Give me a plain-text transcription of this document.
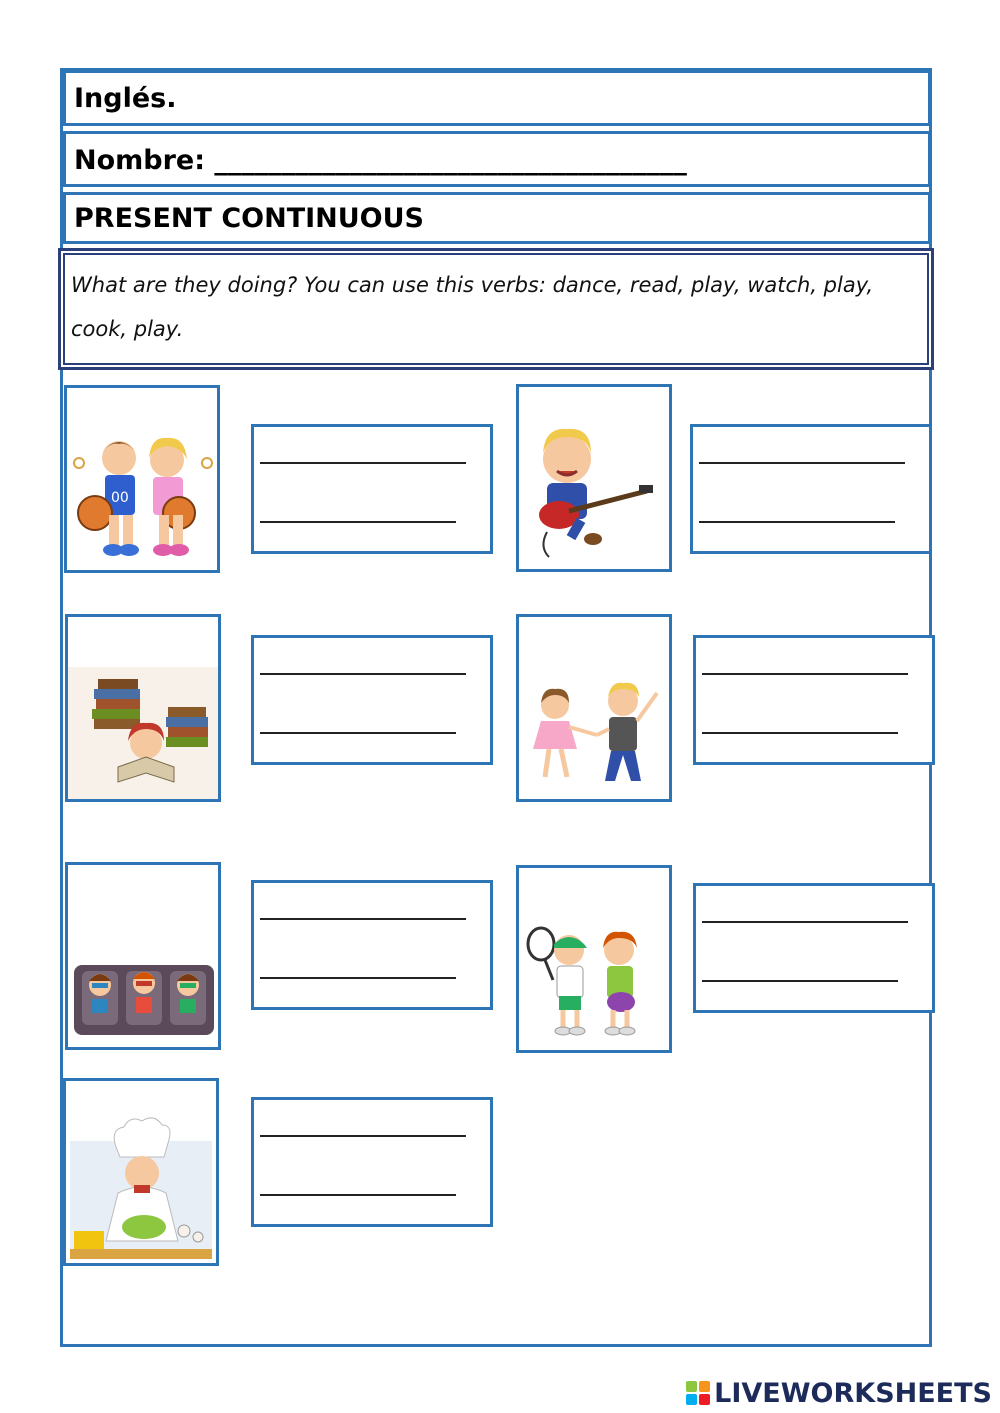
Inglés.
Nombre: ___________________________________
PRESENT CONTINUOUS
What are they doing? You can use this verbs: dance, read, play, watch, play, cook, play.
00
LIVEWORKSHEETS
